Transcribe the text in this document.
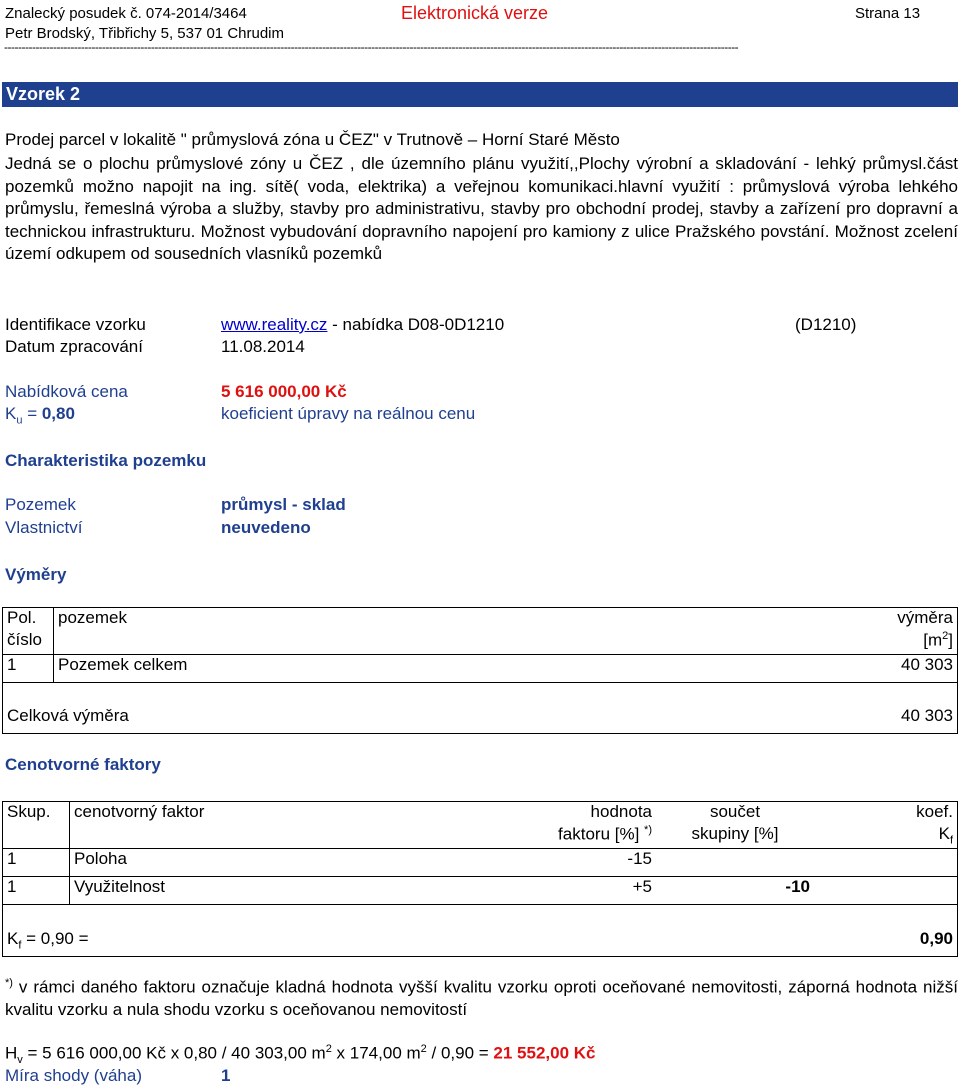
Znalecký posudek č. 074-2014/3464	Elektronická verze	Strana 13
Petr Brodský, Třibřichy 5, 537 01 Chrudim
------------------------------------------------------------------------------------------------------------------------------------------------------------------------------------------------------------------
Vzorek 2
Prodej parcel v lokalitě " průmyslová zóna u ČEZ" v Trutnově – Horní Staré Město
Jedná se o plochu průmyslové zóny u ČEZ , dle územního plánu využití,,Plochy výrobní a skladování - lehký průmysl.část pozemků možno napojit na ing. sítě( voda, elektrika) a veřejnou komunikaci.hlavní využití : průmyslová výroba lehkého průmyslu, řemeslná výroba a služby, stavby pro administrativu, stavby pro obchodní prodej, stavby a zařízení pro dopravní a technickou infrastrukturu. Možnost vybudování dopravního napojení pro kamiony z ulice Pražského povstání. Možnost zcelení území odkupem od sousedních vlasníků pozemků
Identifikace vzorku	www.reality.cz - nabídka D08-0D1210	(D1210)
Datum zpracování	11.08.2014
Nabídková cena	5 616 000,00 Kč
$K_u = 0,80$	koeficient úpravy na reálnou cenu
Charakteristika pozemku
Pozemek	průmysl - sklad
Vlastnictví	neuvedeno
Výměry
Pol.	pozemek	výměra
číslo		$[m^2]$
1	Pozemek celkem	40 303

Celková výměra		40 303
Cenotvorné faktory
Skup.	cenotvorný faktor	hodnota	součet	koef.
		faktoru [%] *)	skupiny [%]	$K_f$
1	Poloha	-15		
1	Využitelnost	+5	-10	

$K_f = 0,90$ =				0,90
*) v rámci daného faktoru označuje kladná hodnota vyšší kvalitu vzorku oproti oceňované nemovitosti, záporná hodnota nižší kvalitu vzorku a nula shodu vzorku s oceňovanou nemovitostí
$H_v = 5$ 616 000,00 Kč x 0,80 / 40 303,00 $m^2$ x 174,00 $m^2 / 0,90 = 21$ 552,00 Kč
Míra shody (váha)	1
